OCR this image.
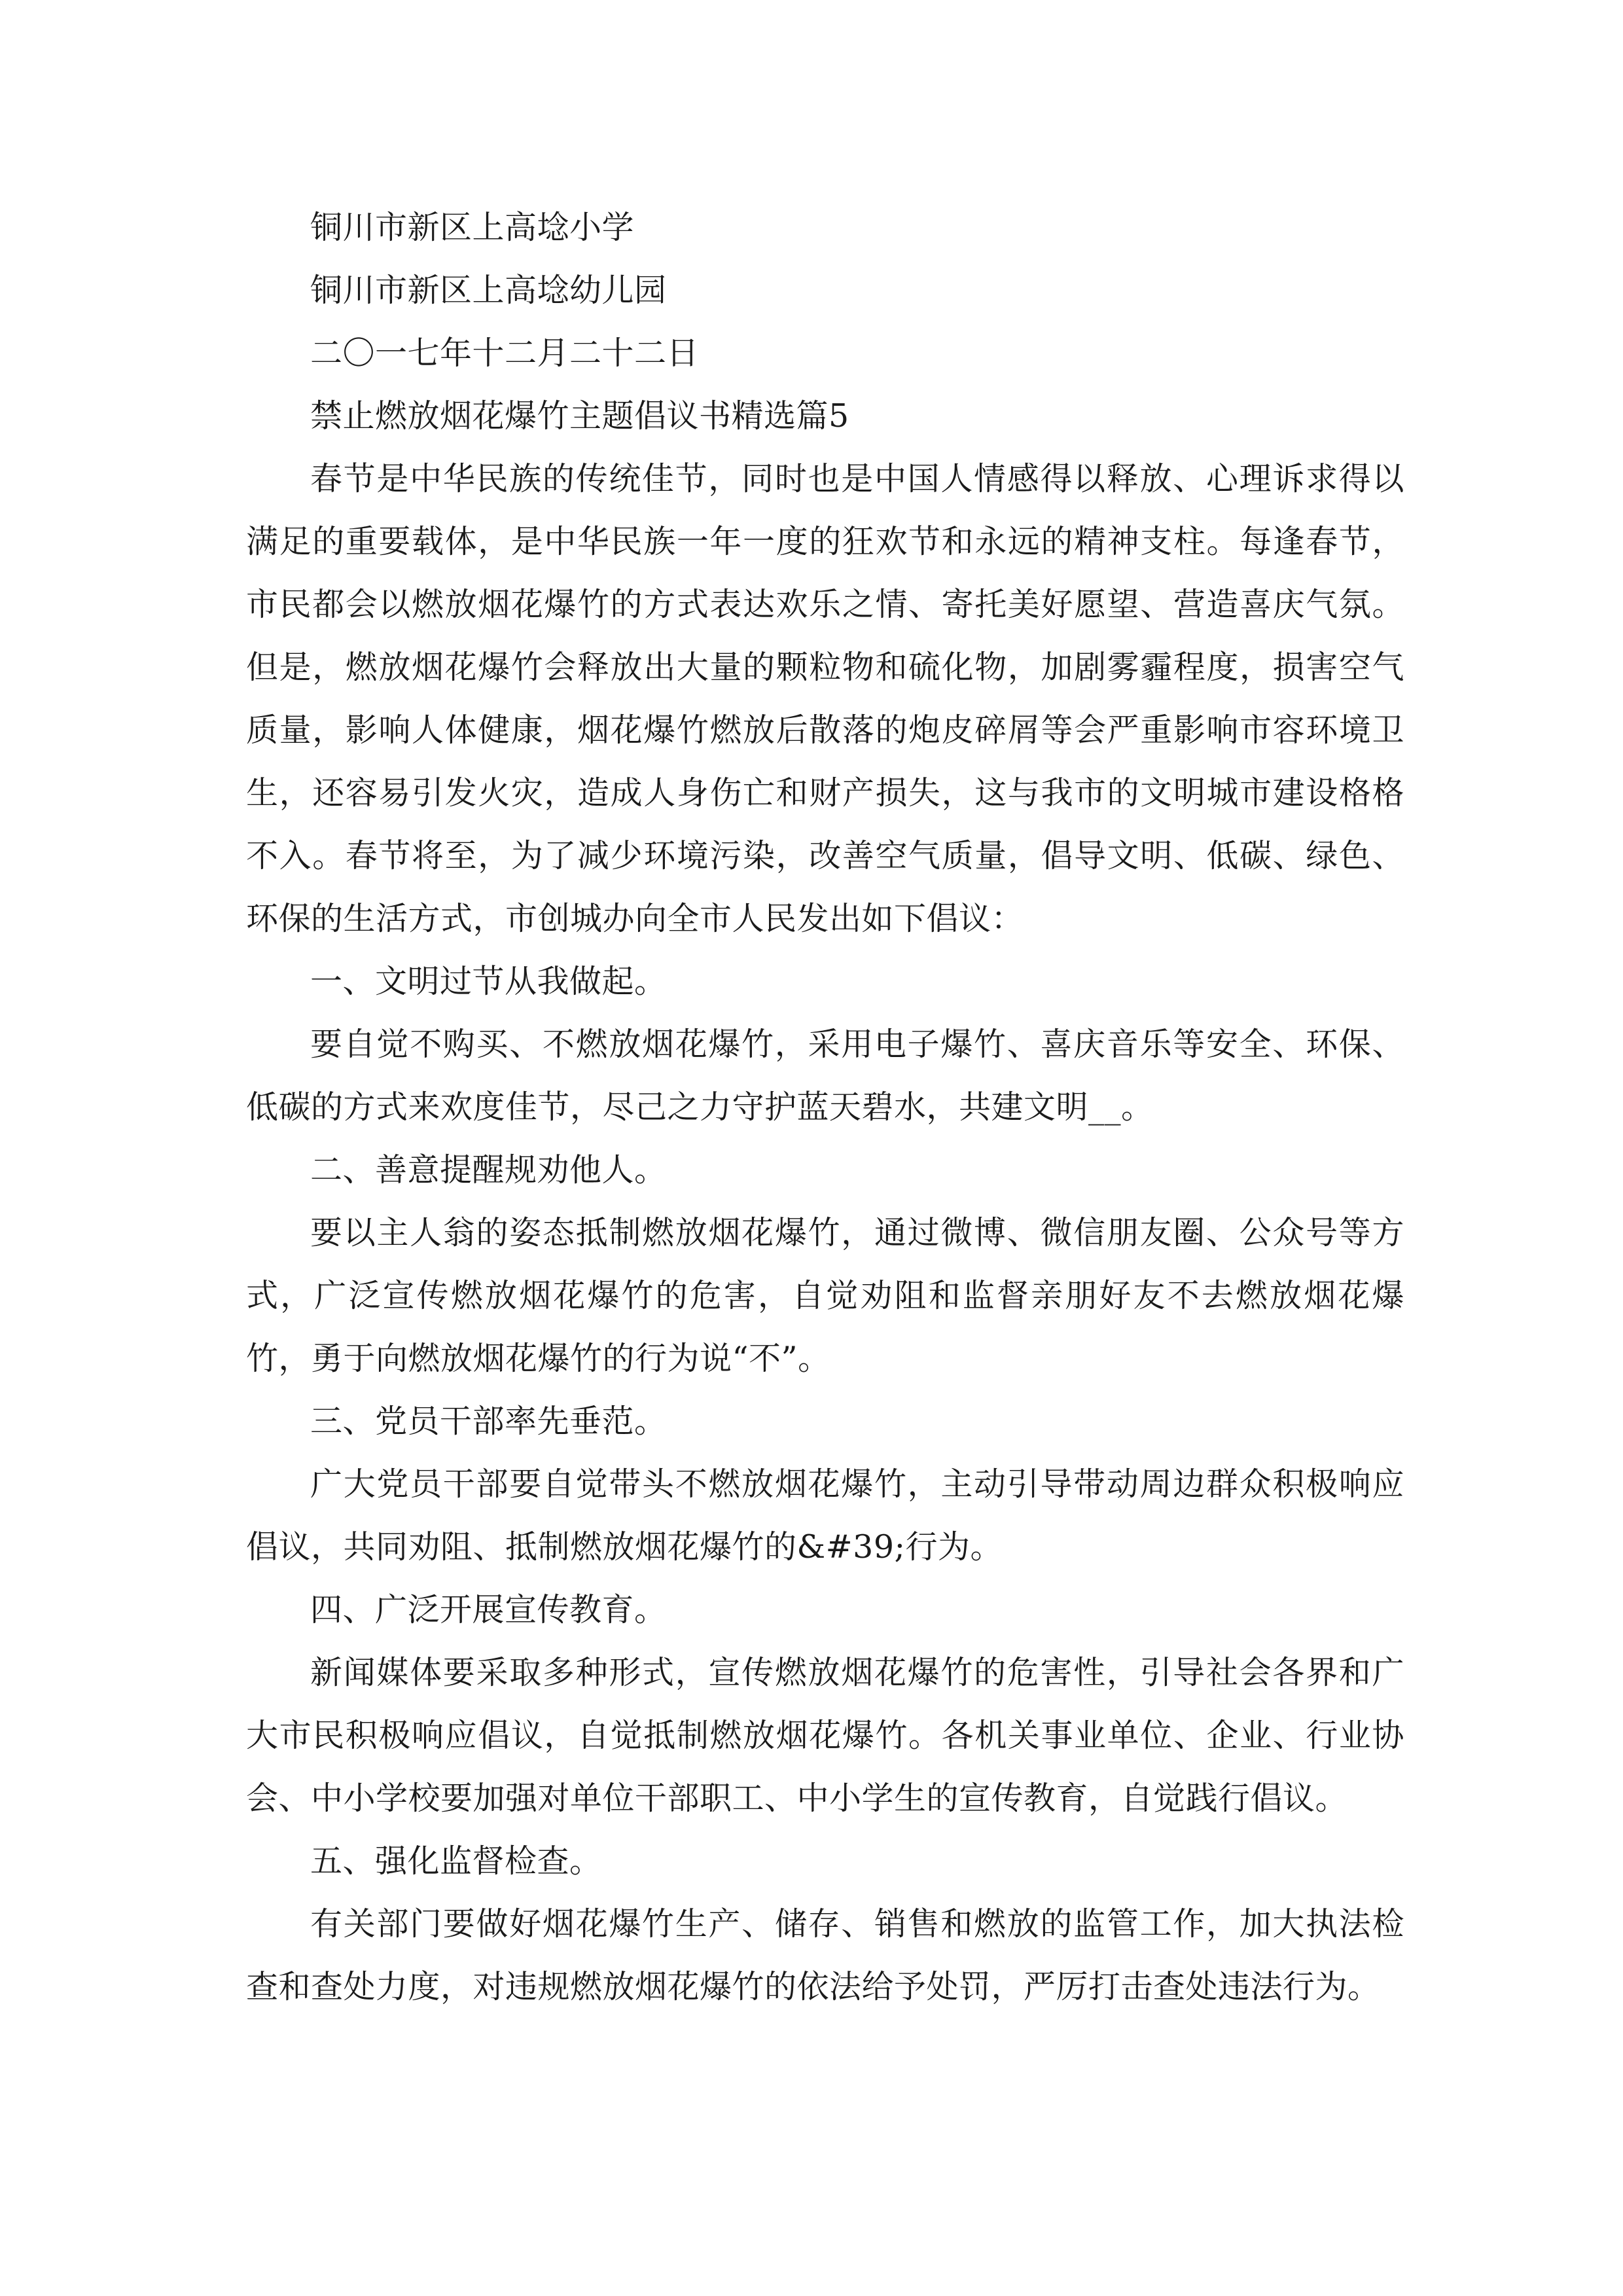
铜川市新区上高埝小学

铜川市新区上高埝幼儿园

二〇一七年十二月二十二日

禁止燃放烟花爆竹主题倡议书精选篇5

春节是中华民族的传统佳节，同时也是中国人情感得以释放、心理诉求得以满足的重要载体，是中华民族一年一度的狂欢节和永远的精神支柱。每逢春节，市民都会以燃放烟花爆竹的方式表达欢乐之情、寄托美好愿望、营造喜庆气氛。但是，燃放烟花爆竹会释放出大量的颗粒物和硫化物，加剧雾霾程度，损害空气质量，影响人体健康，烟花爆竹燃放后散落的炮皮碎屑等会严重影响市容环境卫生，还容易引发火灾，造成人身伤亡和财产损失，这与我市的文明城市建设格格不入。春节将至，为了减少环境污染，改善空气质量，倡导文明、低碳、绿色、环保的生活方式，市创城办向全市人民发出如下倡议：

一、文明过节从我做起。

要自觉不购买、不燃放烟花爆竹，采用电子爆竹、喜庆音乐等安全、环保、低碳的方式来欢度佳节，尽己之力守护蓝天碧水，共建文明__。

二、善意提醒规劝他人。

要以主人翁的姿态抵制燃放烟花爆竹，通过微博、微信朋友圈、公众号等方式，广泛宣传燃放烟花爆竹的危害，自觉劝阻和监督亲朋好友不去燃放烟花爆竹，勇于向燃放烟花爆竹的行为说“不”。

三、党员干部率先垂范。

广大党员干部要自觉带头不燃放烟花爆竹，主动引导带动周边群众积极响应倡议，共同劝阻、抵制燃放烟花爆竹的&#39;行为。

四、广泛开展宣传教育。

新闻媒体要采取多种形式，宣传燃放烟花爆竹的危害性，引导社会各界和广大市民积极响应倡议，自觉抵制燃放烟花爆竹。各机关事业单位、企业、行业协会、中小学校要加强对单位干部职工、中小学生的宣传教育，自觉践行倡议。

五、强化监督检查。

有关部门要做好烟花爆竹生产、储存、销售和燃放的监管工作，加大执法检查和查处力度，对违规燃放烟花爆竹的依法给予处罚，严厉打击查处违法行为。
